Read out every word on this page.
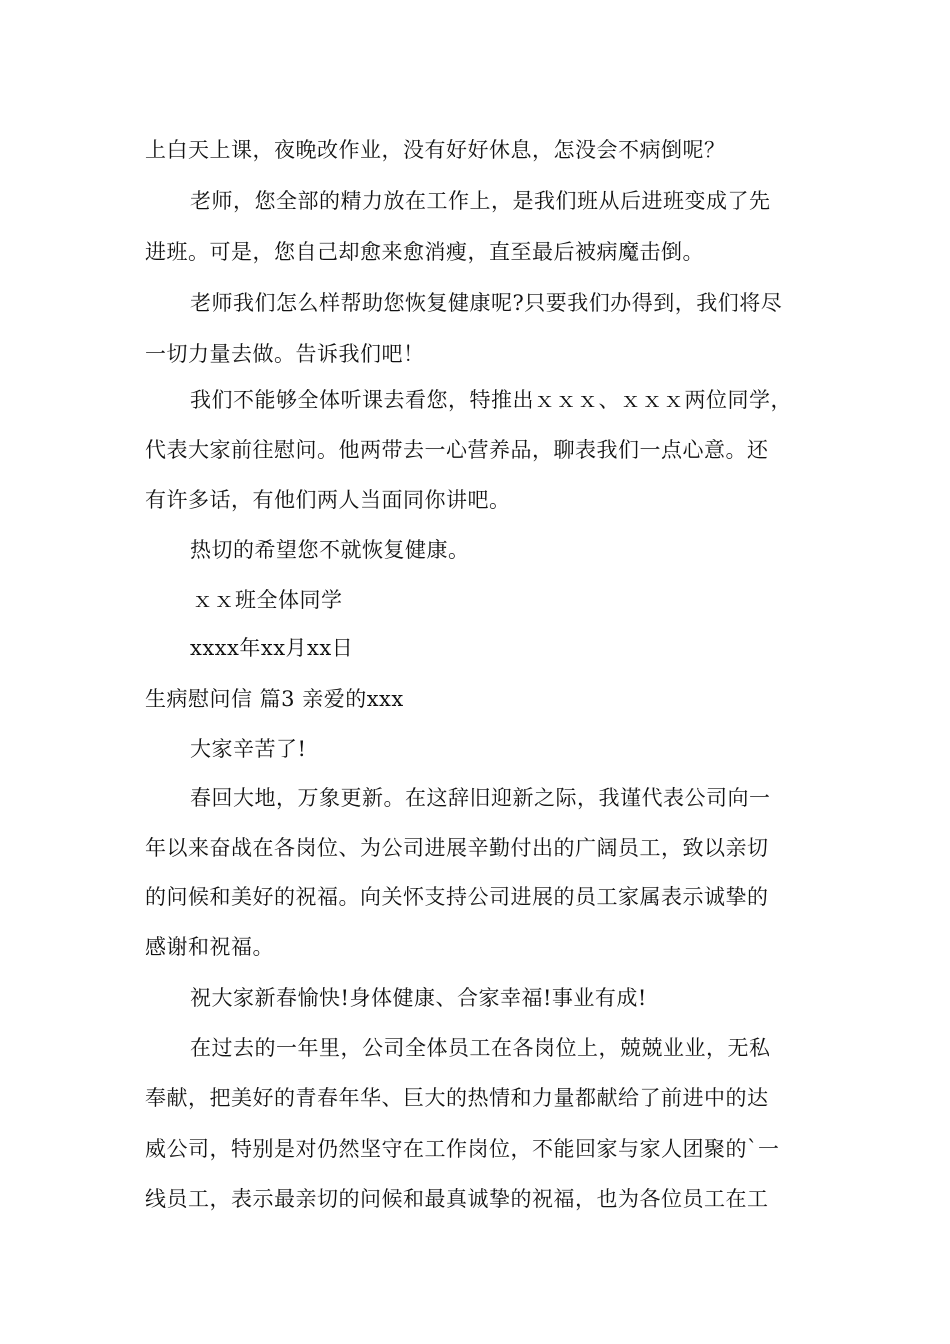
上白天上课，夜晚改作业，没有好好休息，怎没会不病倒呢？
老师，您全部的精力放在工作上，是我们班从后进班变成了先
进班。可是，您自己却愈来愈消瘦，直至最后被病魔击倒。
老师我们怎么样帮助您恢复健康呢?只要我们办得到，我们将尽
一切力量去做。告诉我们吧！
我们不能够全体听课去看您，特推出ｘｘｘ、ｘｘｘ两位同学，
代表大家前往慰问。他两带去一心营养品，聊表我们一点心意。还
有许多话，有他们两人当面同你讲吧。
热切的希望您不就恢复健康。
ｘｘ班全体同学
xxxx年xx月xx日
生病慰问信 篇3 亲爱的xxx
大家辛苦了!
春回大地，万象更新。在这辞旧迎新之际，我谨代表公司向一
年以来奋战在各岗位、为公司进展辛勤付出的广阔员工，致以亲切
的问候和美好的祝福。向关怀支持公司进展的员工家属表示诚挚的
感谢和祝福。
祝大家新春愉快!身体健康、合家幸福!事业有成!
在过去的一年里，公司全体员工在各岗位上，兢兢业业，无私
奉献，把美好的青春年华、巨大的热情和力量都献给了前进中的达
威公司，特别是对仍然坚守在工作岗位，不能回家与家人团聚的`一
线员工，表示最亲切的问候和最真诚挚的祝福，也为各位员工在工
